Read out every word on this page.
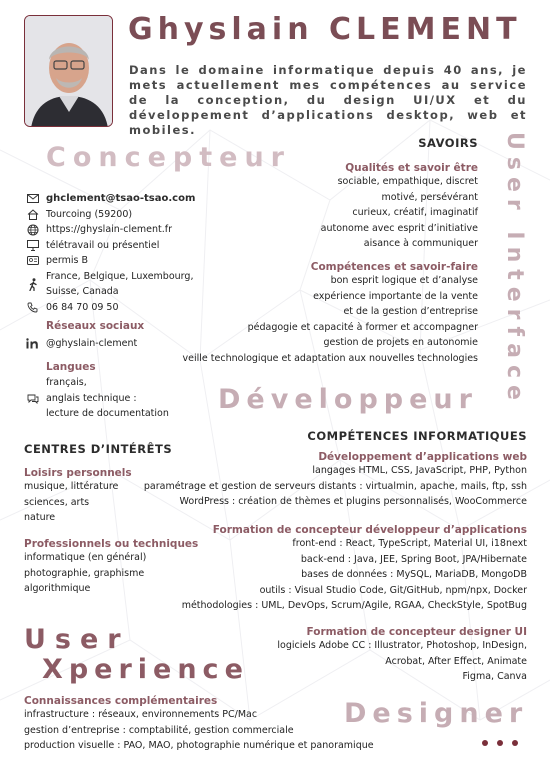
Ghyslain CLEMENT
Dans le domaine informatique depuis 40 ans, je mets actuellement mes compétences au service de la conception, du design UI/UX et du développement d’applications desktop, web et mobiles.
Concepteur
Développeur
User
Xperience
Designer
User Interface
ghclement@tsao-tsao.com
Tourcoing (59200)
https://ghyslain-clement.fr
télétravail ou présentiel
permis B
France, Belgique, Luxembourg,
Suisse, Canada
06 84 70 09 50
Réseaux sociaux
@ghyslain-clement
Langues
français,
anglais technique :
lecture de documentation
SAVOIRS
Qualités et savoir être
sociable, empathique, discret
motivé, persévérant
curieux, créatif, imaginatif
autonome avec esprit d’initiative
aisance à communiquer
Compétences et savoir-faire
bon esprit logique et d’analyse
expérience importante de la vente
et de la gestion d’entreprise
pédagogie et capacité à former et accompagner
gestion de projets en autonomie
veille technologique et adaptation aux nouvelles technologies
CENTRES D’INTÉRÊTS
Loisirs personnels
musique, littérature
sciences, arts
nature
Professionnels ou techniques
informatique (en général)
photographie, graphisme
algorithmique
COMPÉTENCES INFORMATIQUES
Développement d’applications web
langages HTML, CSS, JavaScript, PHP, Python
paramétrage et gestion de serveurs distants : virtualmin, apache, mails, ftp, ssh
WordPress : création de thèmes et plugins personnalisés, WooCommerce
Formation de concepteur développeur d’applications
front-end : React, TypeScript, Material UI, i18next
back-end : Java, JEE, Spring Boot, JPA/Hibernate
bases de données : MySQL, MariaDB, MongoDB
outils : Visual Studio Code, Git/GitHub, npm/npx, Docker
méthodologies : UML, DevOps, Scrum/Agile, RGAA, CheckStyle, SpotBug
Formation de concepteur designer UI
logiciels Adobe CC : Illustrator, Photoshop, InDesign,
Acrobat, After Effect, Animate
Figma, Canva
Connaissances complémentaires
infrastructure : réseaux, environnements PC/Mac
gestion d’entreprise : comptabilité, gestion commerciale
production visuelle : PAO, MAO, photographie numérique et panoramique
